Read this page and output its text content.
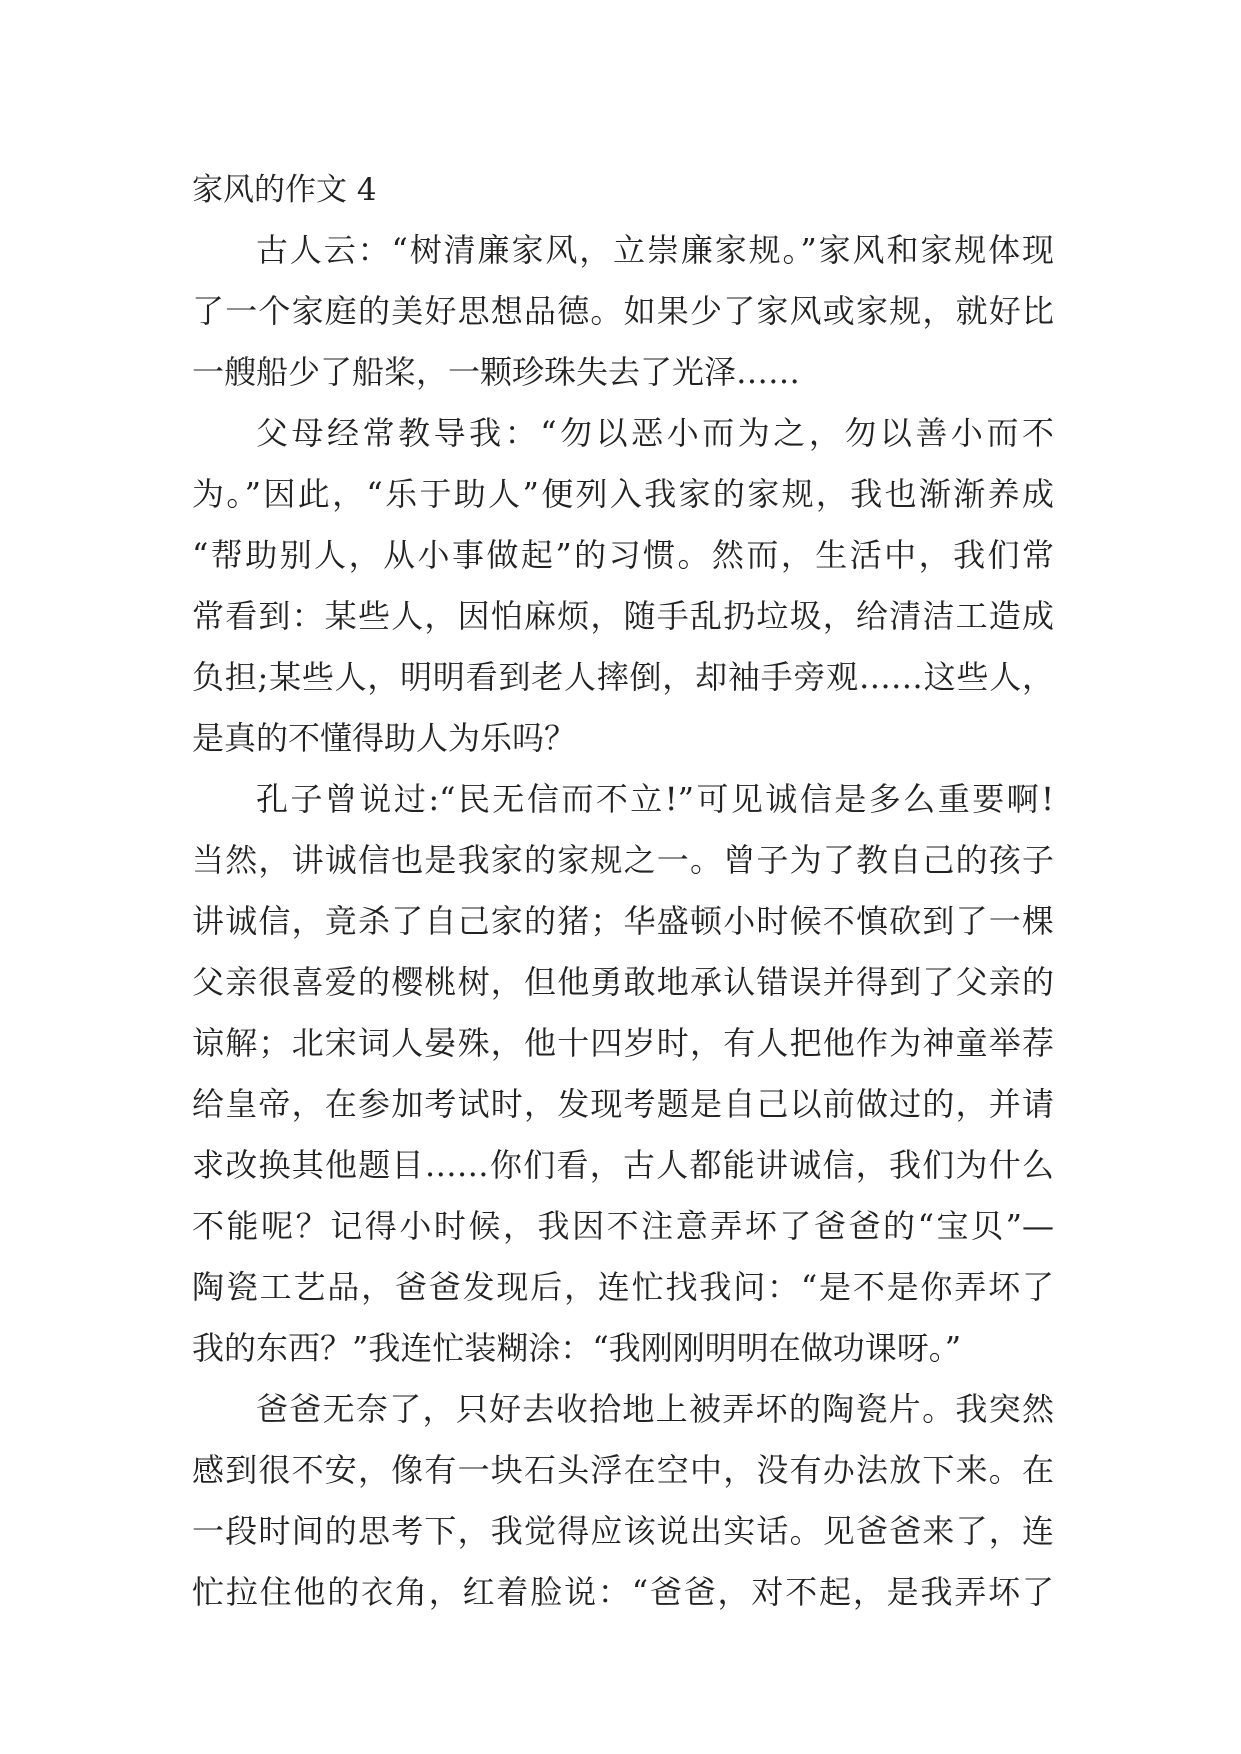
家风的作文 4
古人云：“树清廉家风，立崇廉家规。”家风和家规体现
了一个家庭的美好思想品德。如果少了家风或家规，就好比
一艘船少了船桨，一颗珍珠失去了光泽……
父母经常教导我：“勿以恶小而为之，勿以善小而不
为。”因此，“乐于助人”便列入我家的家规，我也渐渐养成
“帮助别人，从小事做起”的习惯。然而，生活中，我们常
常看到：某些人，因怕麻烦，随手乱扔垃圾，给清洁工造成
负担;某些人，明明看到老人摔倒，却袖手旁观……这些人，
是真的不懂得助人为乐吗？
孔子曾说过:“民无信而不立!”可见诚信是多么重要啊!
当然，讲诚信也是我家的家规之一。曾子为了教自己的孩子
讲诚信，竟杀了自己家的猪；华盛顿小时候不慎砍到了一棵
父亲很喜爱的樱桃树，但他勇敢地承认错误并得到了父亲的
谅解；北宋词人晏殊，他十四岁时，有人把他作为神童举荐
给皇帝，在参加考试时，发现考题是自己以前做过的，并请
求改换其他题目……你们看，古人都能讲诚信，我们为什么
不能呢？记得小时候，我因不注意弄坏了爸爸的“宝贝”—
陶瓷工艺品，爸爸发现后，连忙找我问：“是不是你弄坏了
我的东西？”我连忙装糊涂：“我刚刚明明在做功课呀。”
爸爸无奈了，只好去收拾地上被弄坏的陶瓷片。我突然
感到很不安，像有一块石头浮在空中，没有办法放下来。在
一段时间的思考下，我觉得应该说出实话。见爸爸来了，连
忙拉住他的衣角，红着脸说：“爸爸，对不起，是我弄坏了
